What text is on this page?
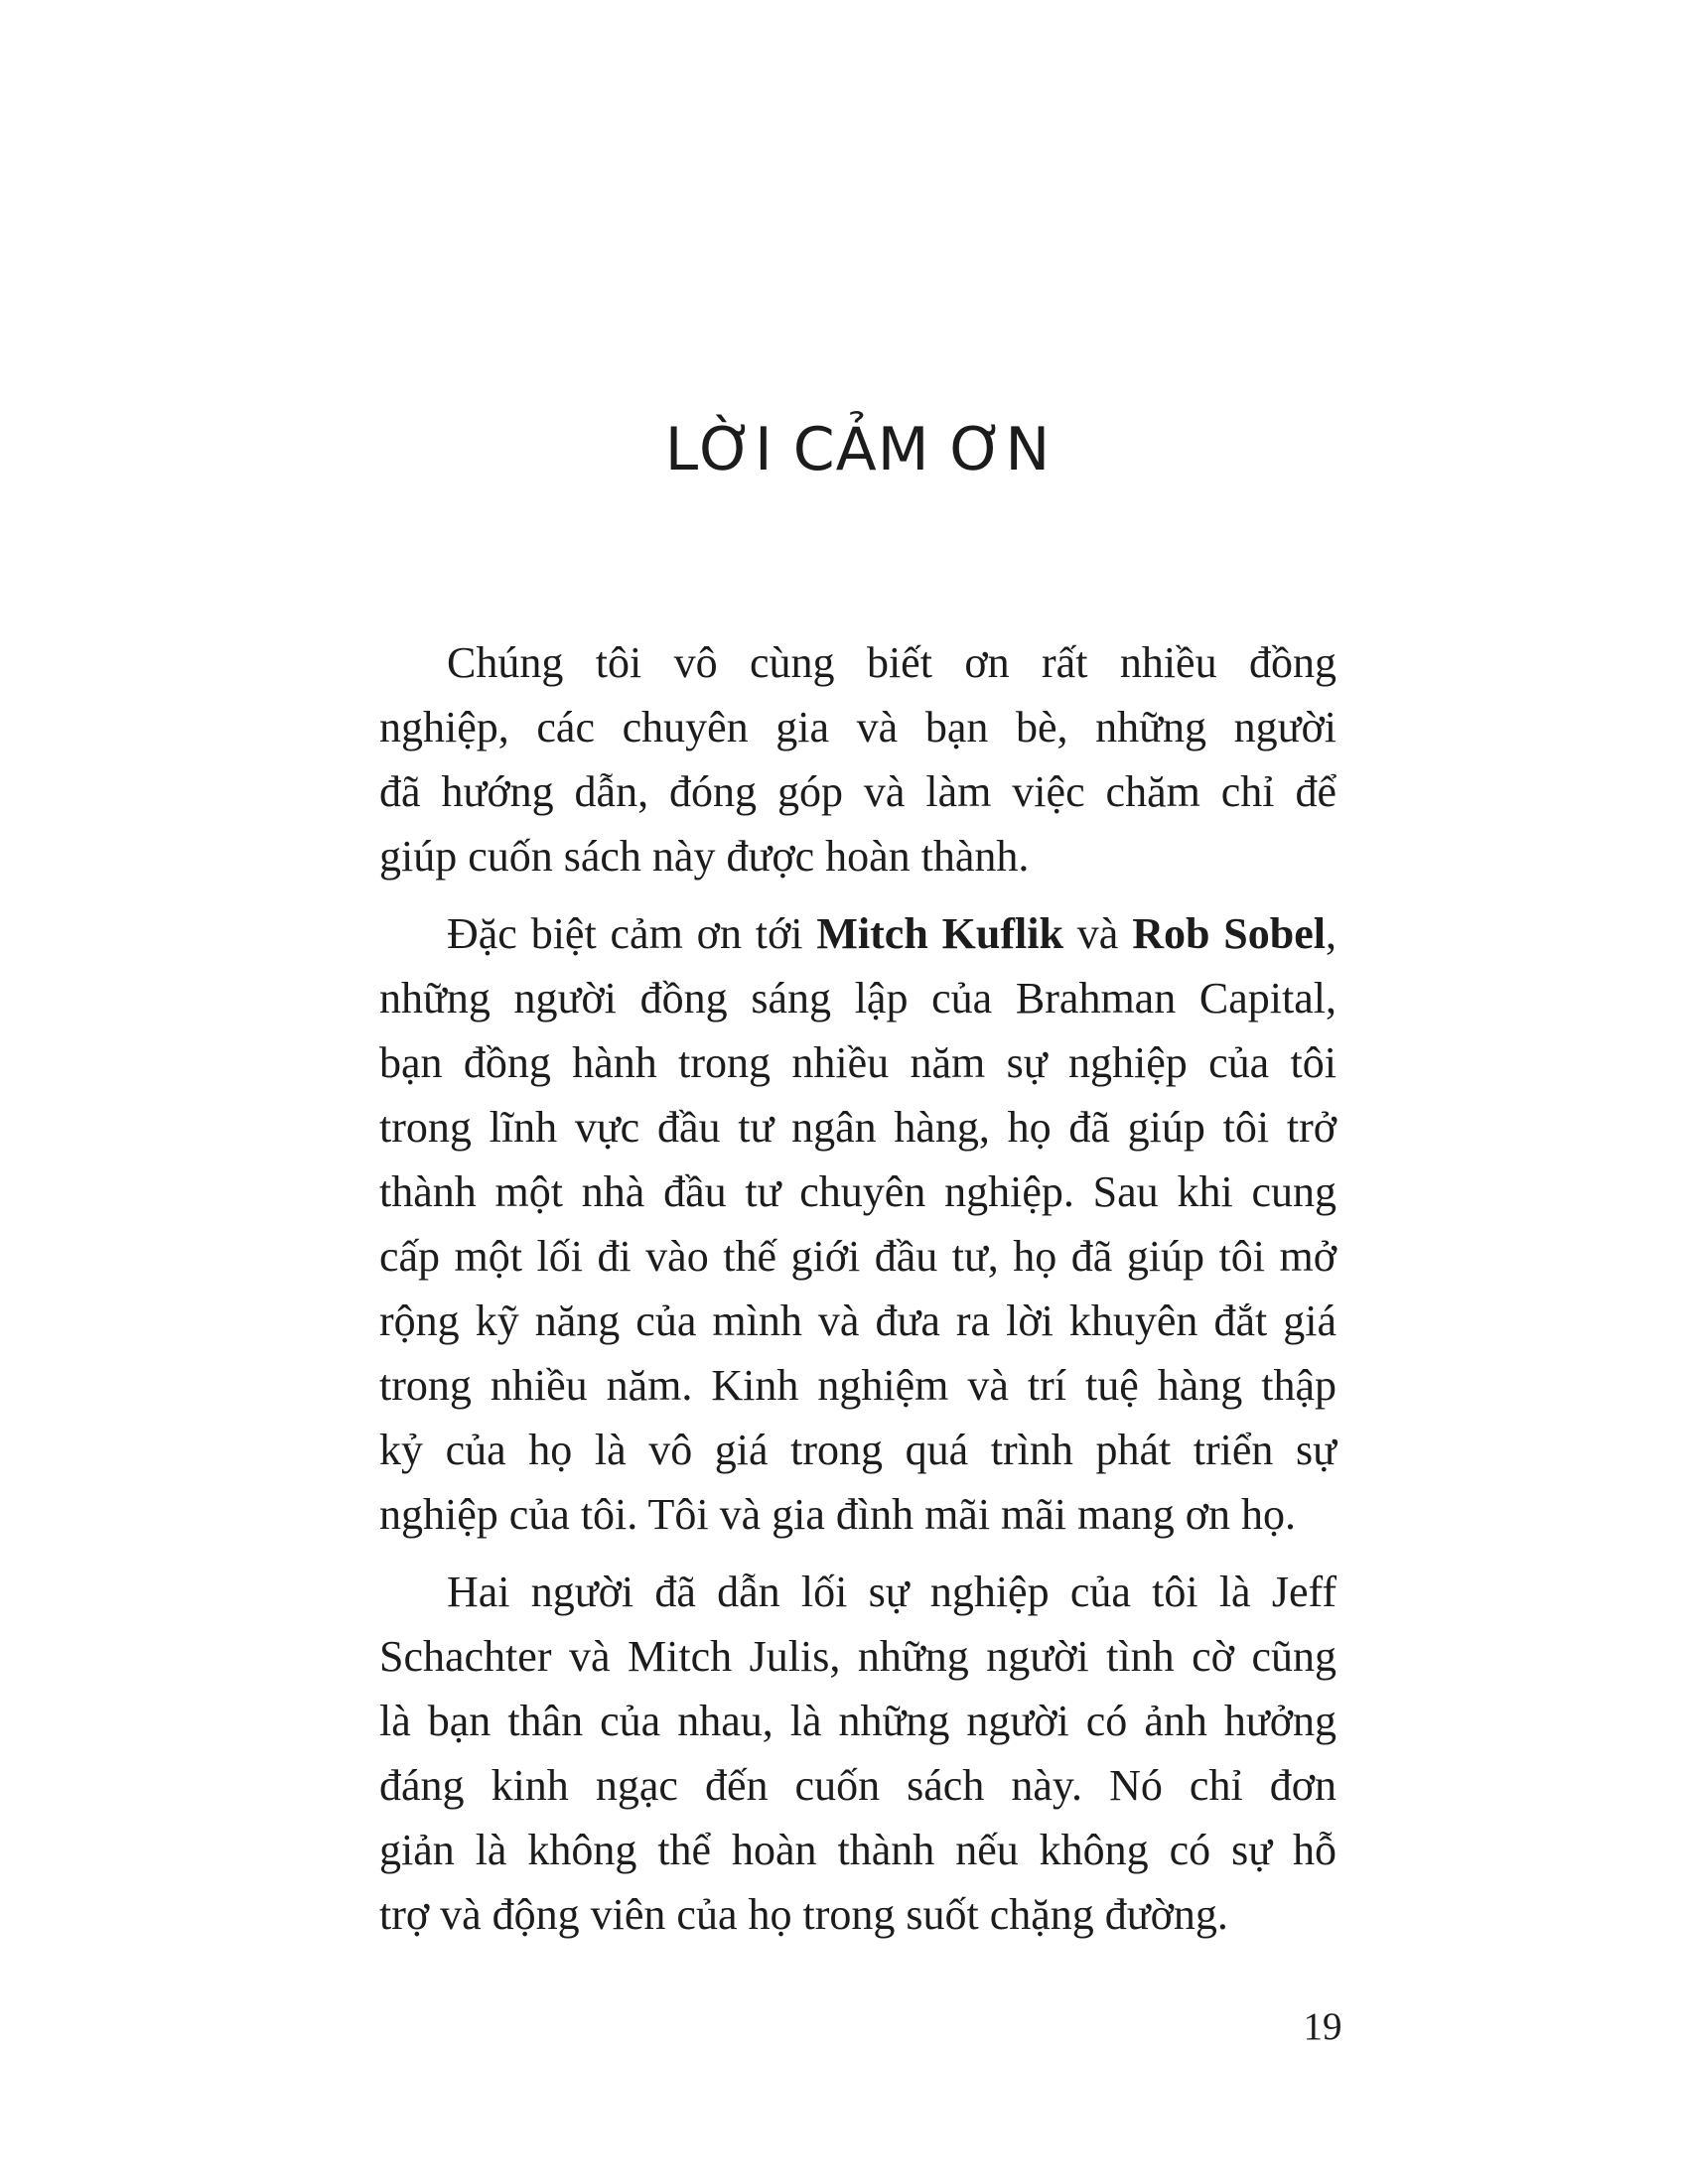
LỜI CẢM ƠN
Chúng tôi vô cùng biết ơn rất nhiều đồng
nghiệp, các chuyên gia và bạn bè, những người
đã hướng dẫn, đóng góp và làm việc chăm chỉ để
giúp cuốn sách này được hoàn thành.
Đặc biệt cảm ơn tới Mitch Kuflik và Rob Sobel,
những người đồng sáng lập của Brahman Capital,
bạn đồng hành trong nhiều năm sự nghiệp của tôi
trong lĩnh vực đầu tư ngân hàng, họ đã giúp tôi trở
thành một nhà đầu tư chuyên nghiệp. Sau khi cung
cấp một lối đi vào thế giới đầu tư, họ đã giúp tôi mở
rộng kỹ năng của mình và đưa ra lời khuyên đắt giá
trong nhiều năm. Kinh nghiệm và trí tuệ hàng thập
kỷ của họ là vô giá trong quá trình phát triển sự
nghiệp của tôi. Tôi và gia đình mãi mãi mang ơn họ.
Hai người đã dẫn lối sự nghiệp của tôi là Jeff
Schachter và Mitch Julis, những người tình cờ cũng
là bạn thân của nhau, là những người có ảnh hưởng
đáng kinh ngạc đến cuốn sách này. Nó chỉ đơn
giản là không thể hoàn thành nếu không có sự hỗ
trợ và động viên của họ trong suốt chặng đường.
19
